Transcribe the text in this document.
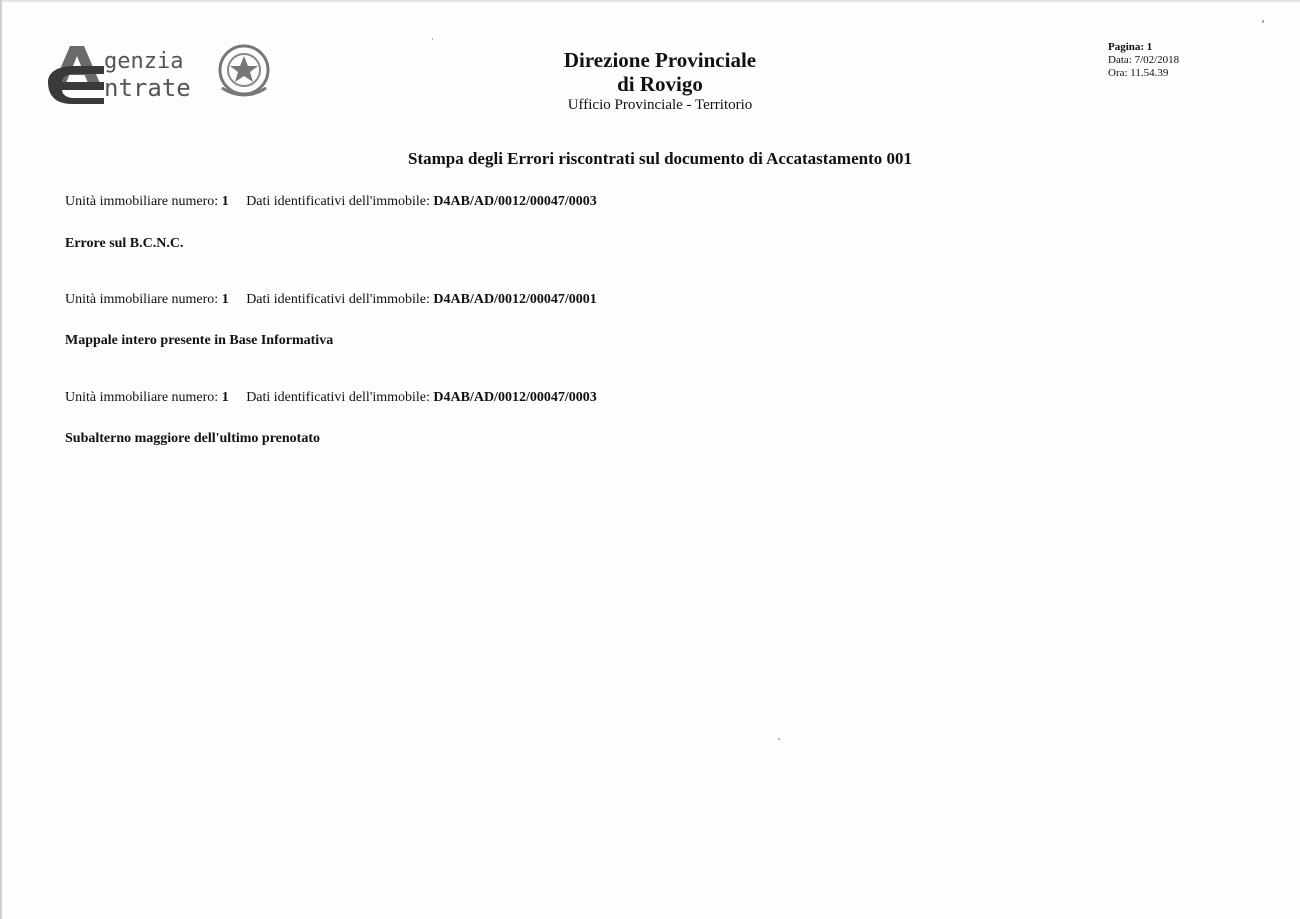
genzia
ntrate
Direzione Provinciale
di Rovigo
Ufficio Provinciale - Territorio
Pagina: 1
Data: 7/02/2018
Ora: 11.54.39
Stampa degli Errori riscontrati sul documento di Accatastamento 001
Unità immobiliare numero: 1 Dati identificativi dell'immobile: D4AB/AD/0012/00047/0003
Errore sul B.C.N.C.
Unità immobiliare numero: 1 Dati identificativi dell'immobile: D4AB/AD/0012/00047/0001
Mappale intero presente in Base Informativa
Unità immobiliare numero: 1 Dati identificativi dell'immobile: D4AB/AD/0012/00047/0003
Subalterno maggiore dell'ultimo prenotato
